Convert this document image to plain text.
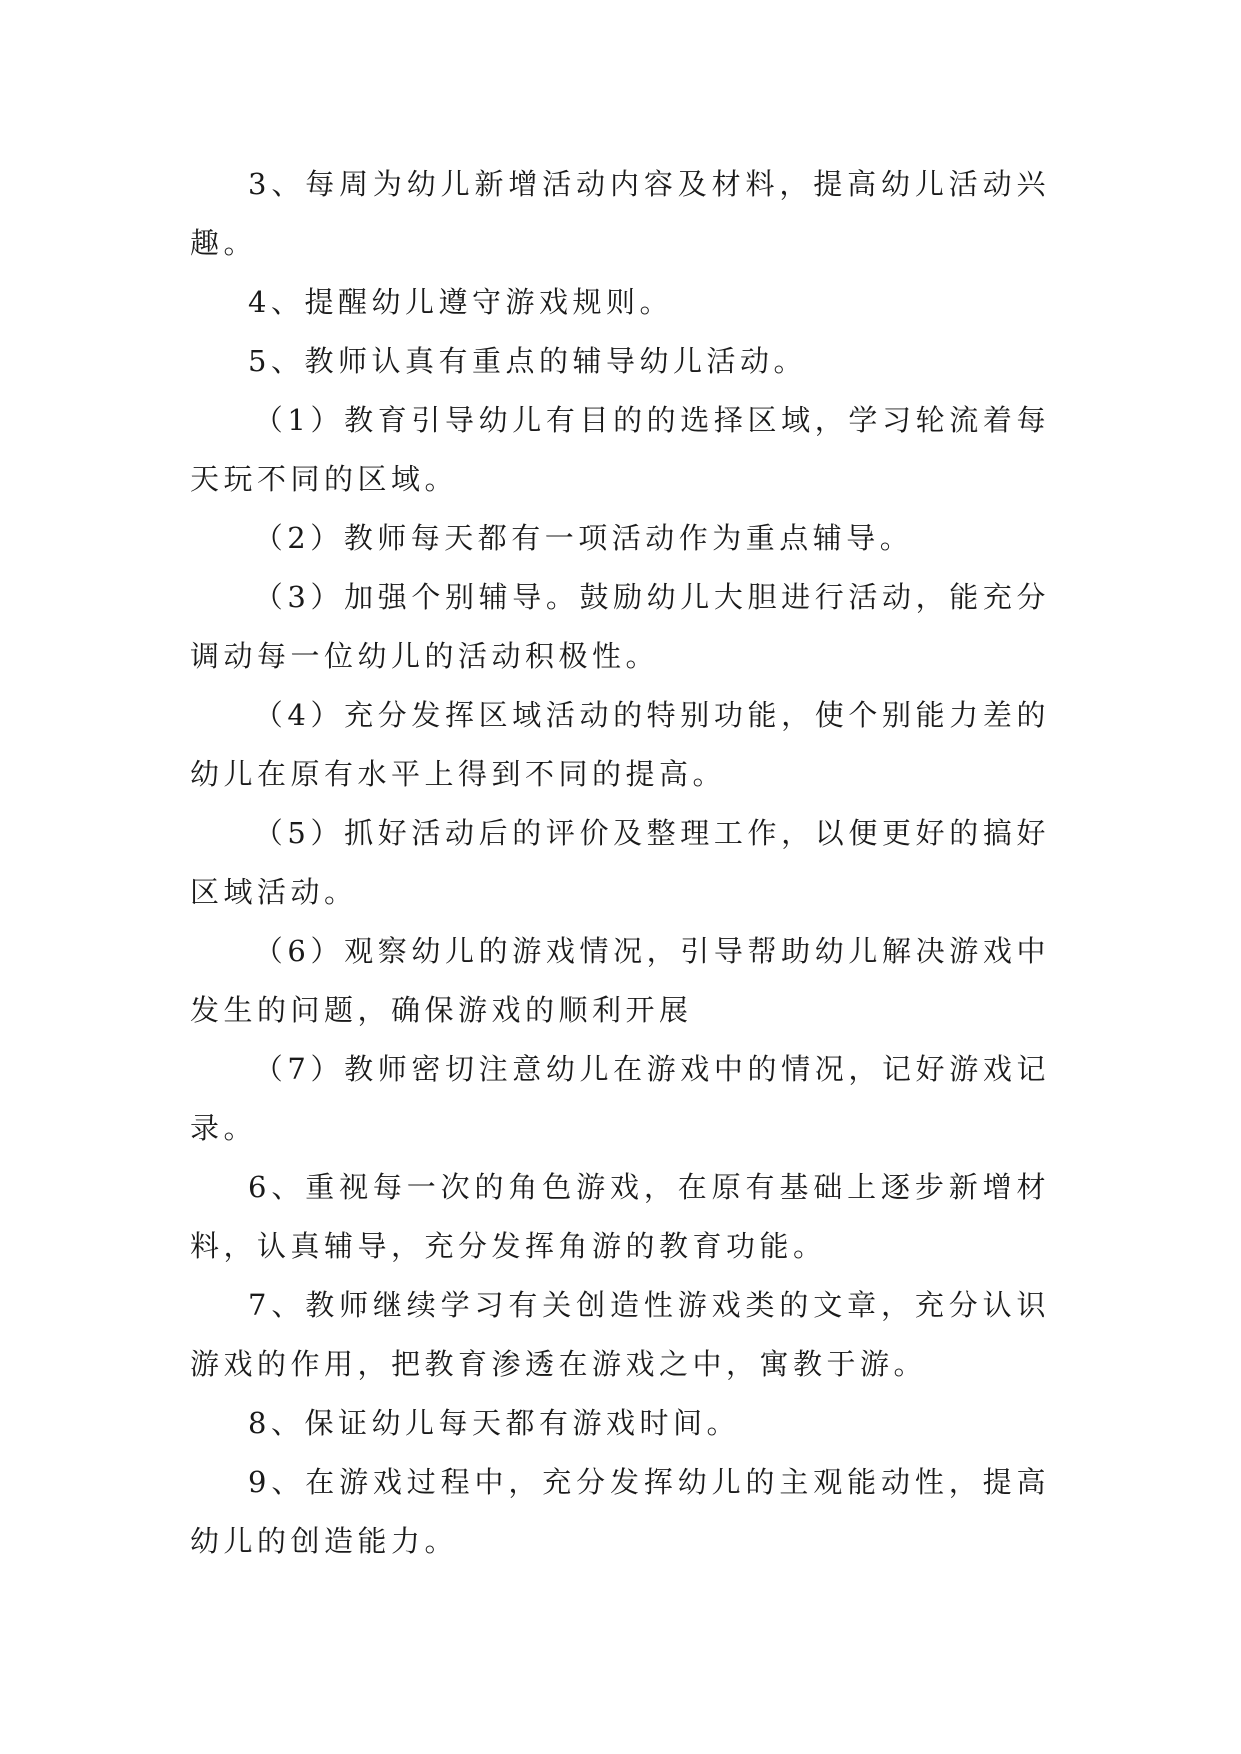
3、每周为幼儿新增活动内容及材料，提高幼儿活动兴趣。

4、提醒幼儿遵守游戏规则。

5、教师认真有重点的辅导幼儿活动。

（1）教育引导幼儿有目的的选择区域，学习轮流着每天玩不同的区域。

（2）教师每天都有一项活动作为重点辅导。

（3）加强个别辅导。鼓励幼儿大胆进行活动，能充分调动每一位幼儿的活动积极性。

（4）充分发挥区域活动的特别功能，使个别能力差的幼儿在原有水平上得到不同的提高。

（5）抓好活动后的评价及整理工作，以便更好的搞好区域活动。

（6）观察幼儿的游戏情况，引导帮助幼儿解决游戏中发生的问题，确保游戏的顺利开展

（7）教师密切注意幼儿在游戏中的情况，记好游戏记录。

6、重视每一次的角色游戏，在原有基础上逐步新增材料，认真辅导，充分发挥角游的教育功能。

7、教师继续学习有关创造性游戏类的文章，充分认识游戏的作用，把教育渗透在游戏之中，寓教于游。

8、保证幼儿每天都有游戏时间。

9、在游戏过程中，充分发挥幼儿的主观能动性，提高幼儿的创造能力。
